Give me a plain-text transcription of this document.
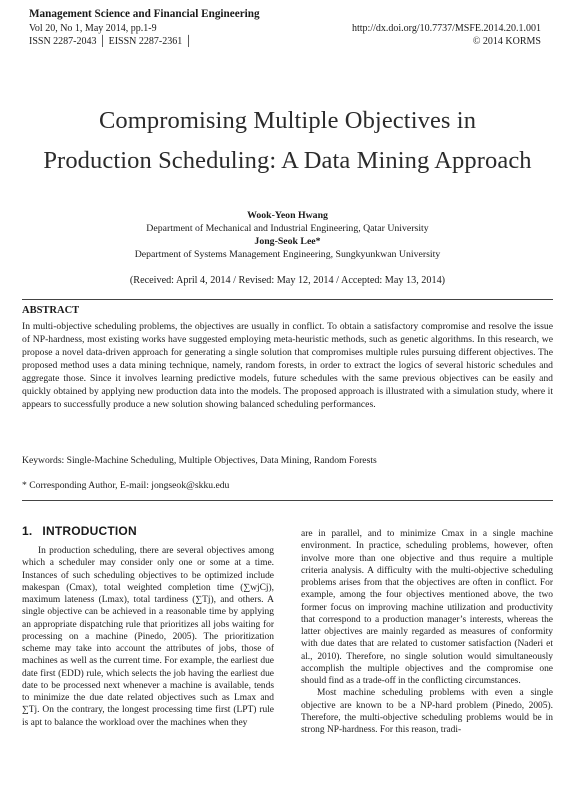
Management Science and Financial Engineering
Vol 20, No 1, May 2014, pp.1-9
ISSN 2287-2043 │ EISSN 2287-2361 │
http://dx.doi.org/10.7737/MSFE.2014.20.1.001
© 2014 KORMS
Compromising Multiple Objectives in
Production Scheduling: A Data Mining Approach
Wook-Yeon Hwang
Department of Mechanical and Industrial Engineering, Qatar University
Jong-Seok Lee*
Department of Systems Management Engineering, Sungkyunkwan University
(Received: April 4, 2014 / Revised: May 12, 2014 / Accepted: May 13, 2014)
ABSTRACT
In multi-objective scheduling problems, the objectives are usually in conflict. To obtain a satisfactory compromise and resolve the issue of NP-hardness, most existing works have suggested employing meta-heuristic methods, such as genetic algorithms. In this research, we propose a novel data-driven approach for generating a single solution that compromises multiple rules pursuing different objectives. The proposed method uses a data mining technique, namely, random forests, in order to extract the logics of several historic schedules and aggregate those. Since it involves learning predictive models, future schedules with the same previous objectives can be easily and quickly obtained by applying new production data into the models. The proposed approach is illustrated with a simulation study, where it appears to successfully produce a new solution showing balanced scheduling performances.
Keywords: Single-Machine Scheduling, Multiple Objectives, Data Mining, Random Forests
* Corresponding Author, E-mail: jongseok@skku.edu
1. INTRODUCTION

In production scheduling, there are several objectives among which a scheduler may consider only one or some at a time. Instances of such scheduling objectives to be optimized include makespan (Cmax), total weighted completion time (∑wjCj), maximum lateness (Lmax), total tardiness (∑Tj), and others. A single objective can be achieved in a reasonable time by applying an appropriate dispatching rule that prioritizes all jobs waiting for processing on a machine (Pinedo, 2005). The prioritization scheme may take into account the attributes of jobs, those of machines as well as the current time. For example, the earliest due date first (EDD) rule, which selects the job having the earliest due date to be processed next whenever a machine is available, tends to minimize the due date related objectives such as Lmax and ∑Tj. On the contrary, the longest processing time first (LPT) rule is apt to balance the workload over the machines when they

are in parallel, and to minimize Cmax in a single machine environment. In practice, scheduling problems, however, often involve more than one objective and thus require a multiple criteria analysis. A difficulty with the multi-objective scheduling problems arises from that the objectives are often in conflict. For example, among the four objectives mentioned above, the two former focus on improving machine utilization and productivity that correspond to a production manager’s interests, whereas the latter objectives are mainly regarded as measures of conformity with due dates that are related to customer satisfaction (Naderi et al., 2010). Therefore, no single solution would simultaneously accomplish the multiple objectives and the compromise one should find as a trade-off in the conflicting circumstances.

Most machine scheduling problems with even a single objective are known to be a NP-hard problem (Pinedo, 2005). Therefore, the multi-objective scheduling problems would be in strong NP-hardness. For this reason, tradi-
